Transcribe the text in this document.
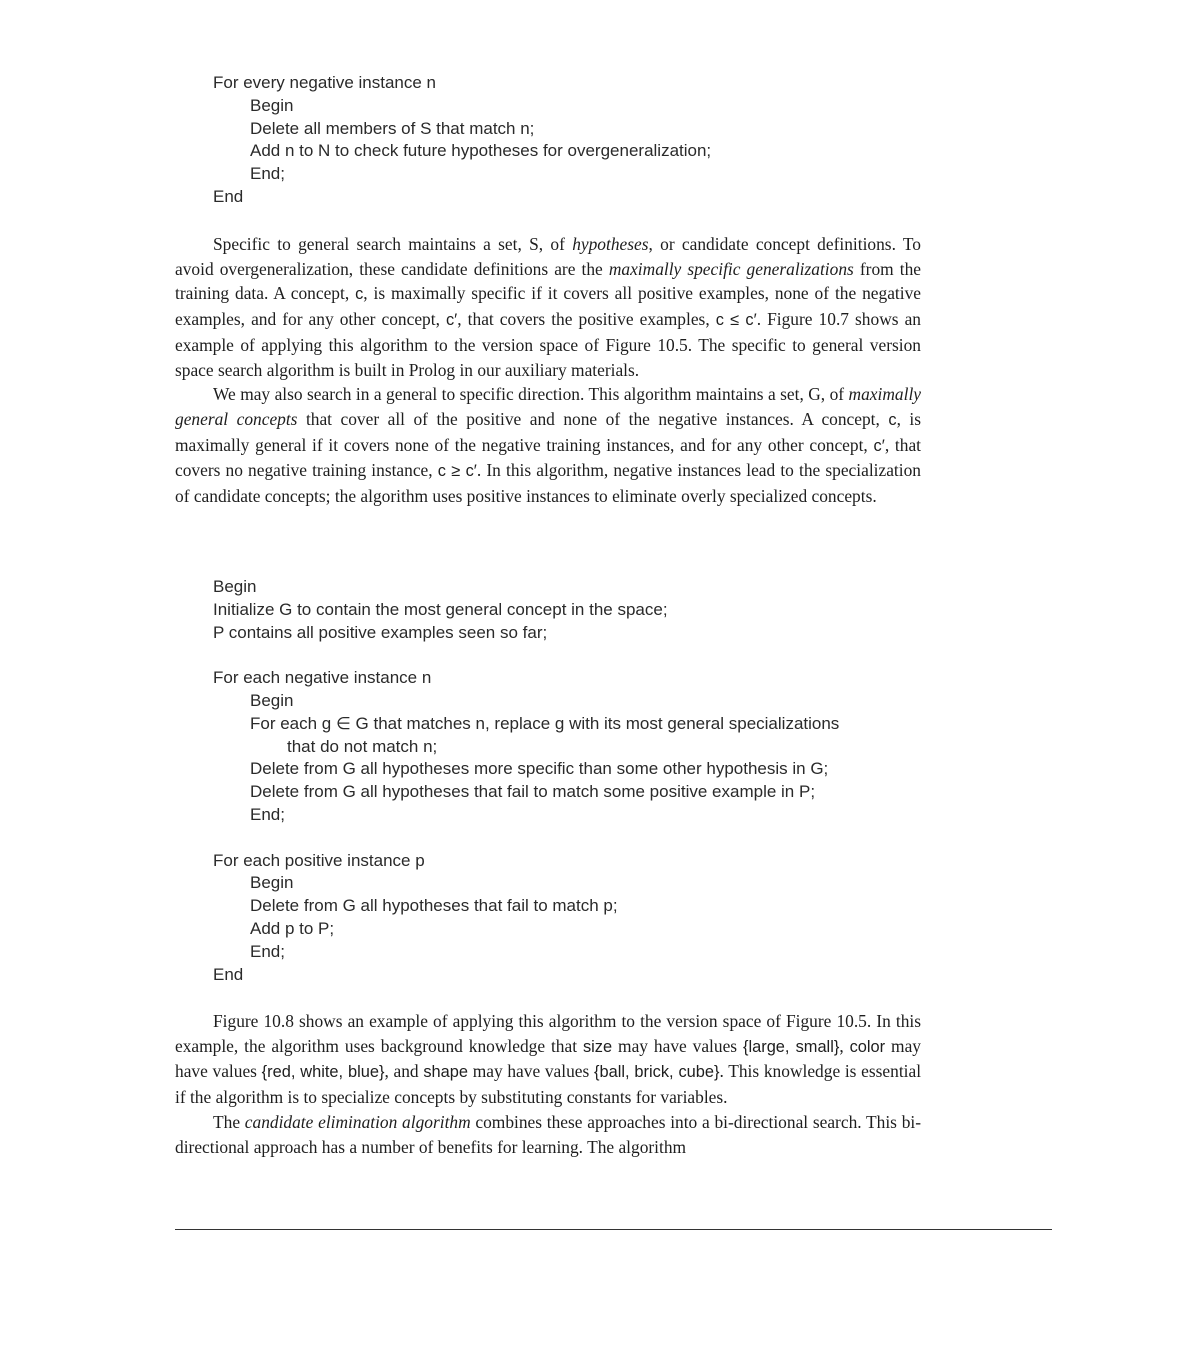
For every negative instance n
Begin
Delete all members of S that match n;
Add n to N to check future hypotheses for overgeneralization;
End;
End

Specific to general search maintains a set, S, of hypotheses, or candidate concept definitions. To avoid overgeneralization, these candidate definitions are the maximally specific generalizations from the training data. A concept, c, is maximally specific if it covers all positive examples, none of the negative examples, and for any other concept, c′, that covers the positive examples, c ≤ c′. Figure 10.7 shows an example of applying this algorithm to the version space of Figure 10.5. The specific to general version space search algorithm is built in Prolog in our auxiliary materials.

We may also search in a general to specific direction. This algorithm maintains a set, G, of maximally general concepts that cover all of the positive and none of the negative instances. A concept, c, is maximally general if it covers none of the negative training instances, and for any other concept, c′, that covers no negative training instance, c ≥ c′. In this algorithm, negative instances lead to the specialization of candidate concepts; the algorithm uses positive instances to eliminate overly specialized concepts.

Begin
Initialize G to contain the most general concept in the space;
P contains all positive examples seen so far;
For each negative instance n
Begin
For each g ∈ G that matches n, replace g with its most general specializations
that do not match n;
Delete from G all hypotheses more specific than some other hypothesis in G;
Delete from G all hypotheses that fail to match some positive example in P;
End;
For each positive instance p
Begin
Delete from G all hypotheses that fail to match p;
Add p to P;
End;
End

Figure 10.8 shows an example of applying this algorithm to the version space of Figure 10.5. In this example, the algorithm uses background knowledge that size may have values {large, small}, color may have values {red, white, blue}, and shape may have values {ball, brick, cube}. This knowledge is essential if the algorithm is to specialize concepts by substituting constants for variables.

The candidate elimination algorithm combines these approaches into a bi-directional search. This bi-directional approach has a number of benefits for learning. The algorithm
